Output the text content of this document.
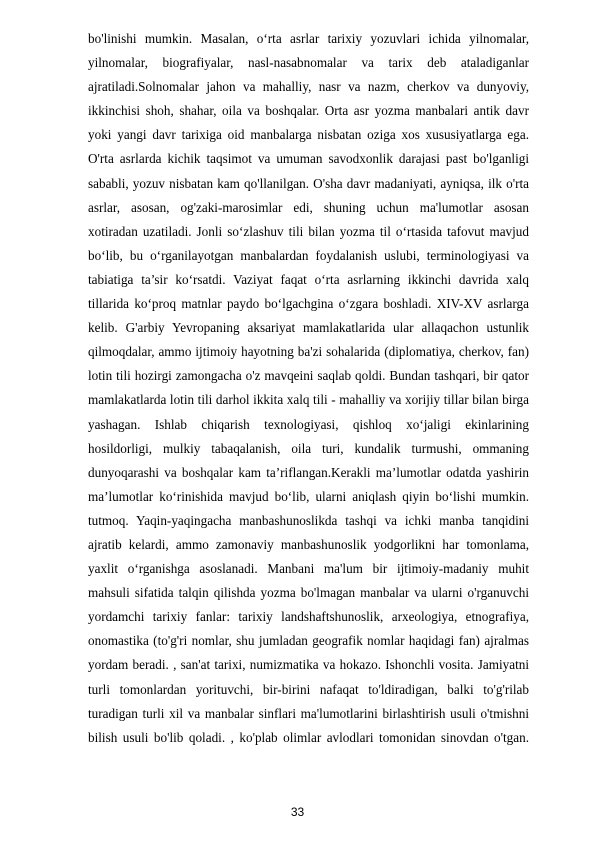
bo'linishi mumkin. Masalan, o‘rta asrlar tarixiy yozuvlari ichida yilnomalar,
yilnomalar, biografiyalar, nasl-nasabnomalar va tarix deb ataladiganlar
ajratiladi.Solnomalar jahon va mahalliy, nasr va nazm, cherkov va dunyoviy,
ikkinchisi shoh, shahar, oila va boshqalar. Orta asr yozma manbalari antik davr
yoki yangi davr tarixiga oid manbalarga nisbatan oziga xos xususiyatlarga ega.
O'rta asrlarda kichik taqsimot va umuman savodxonlik darajasi past bo'lganligi
sababli, yozuv nisbatan kam qo'llanilgan. O'sha davr madaniyati, ayniqsa, ilk o'rta
asrlar, asosan, og'zaki-marosimlar edi, shuning uchun ma'lumotlar asosan
xotiradan uzatiladi. Jonli so‘zlashuv tili bilan yozma til o‘rtasida tafovut mavjud
bo‘lib, bu o‘rganilayotgan manbalardan foydalanish uslubi, terminologiyasi va
tabiatiga ta’sir ko‘rsatdi. Vaziyat faqat o‘rta asrlarning ikkinchi davrida xalq
tillarida ko‘proq matnlar paydo bo‘lgachgina o‘zgara boshladi. XIV-XV asrlarga
kelib. G'arbiy Yevropaning aksariyat mamlakatlarida ular allaqachon ustunlik
qilmoqdalar, ammo ijtimoiy hayotning ba'zi sohalarida (diplomatiya, cherkov, fan)
lotin tili hozirgi zamongacha o'z mavqeini saqlab qoldi. Bundan tashqari, bir qator
mamlakatlarda lotin tili darhol ikkita xalq tili - mahalliy va xorijiy tillar bilan birga
yashagan. Ishlab chiqarish texnologiyasi, qishloq xo‘jaligi ekinlarining
hosildorligi, mulkiy tabaqalanish, oila turi, kundalik turmushi, ommaning
dunyoqarashi va boshqalar kam ta’riflangan.Kerakli ma’lumotlar odatda yashirin
ma’lumotlar ko‘rinishida mavjud bo‘lib, ularni aniqlash qiyin bo‘lishi mumkin.
tutmoq. Yaqin-yaqingacha manbashunoslikda tashqi va ichki manba tanqidini
ajratib kelardi, ammo zamonaviy manbashunoslik yodgorlikni har tomonlama,
yaxlit o‘rganishga asoslanadi. Manbani ma'lum bir ijtimoiy-madaniy muhit
mahsuli sifatida talqin qilishda yozma bo'lmagan manbalar va ularni o'rganuvchi
yordamchi tarixiy fanlar: tarixiy landshaftshunoslik, arxeologiya, etnografiya,
onomastika (to'g'ri nomlar, shu jumladan geografik nomlar haqidagi fan) ajralmas
yordam beradi. , san'at tarixi, numizmatika va hokazo. Ishonchli vosita. Jamiyatni
turli tomonlardan yorituvchi, bir-birini nafaqat to'ldiradigan, balki to'g'rilab
turadigan turli xil va manbalar sinflari ma'lumotlarini birlashtirish usuli o'tmishni
bilish usuli bo'lib qoladi. , ko'plab olimlar avlodlari tomonidan sinovdan o'tgan.
33
